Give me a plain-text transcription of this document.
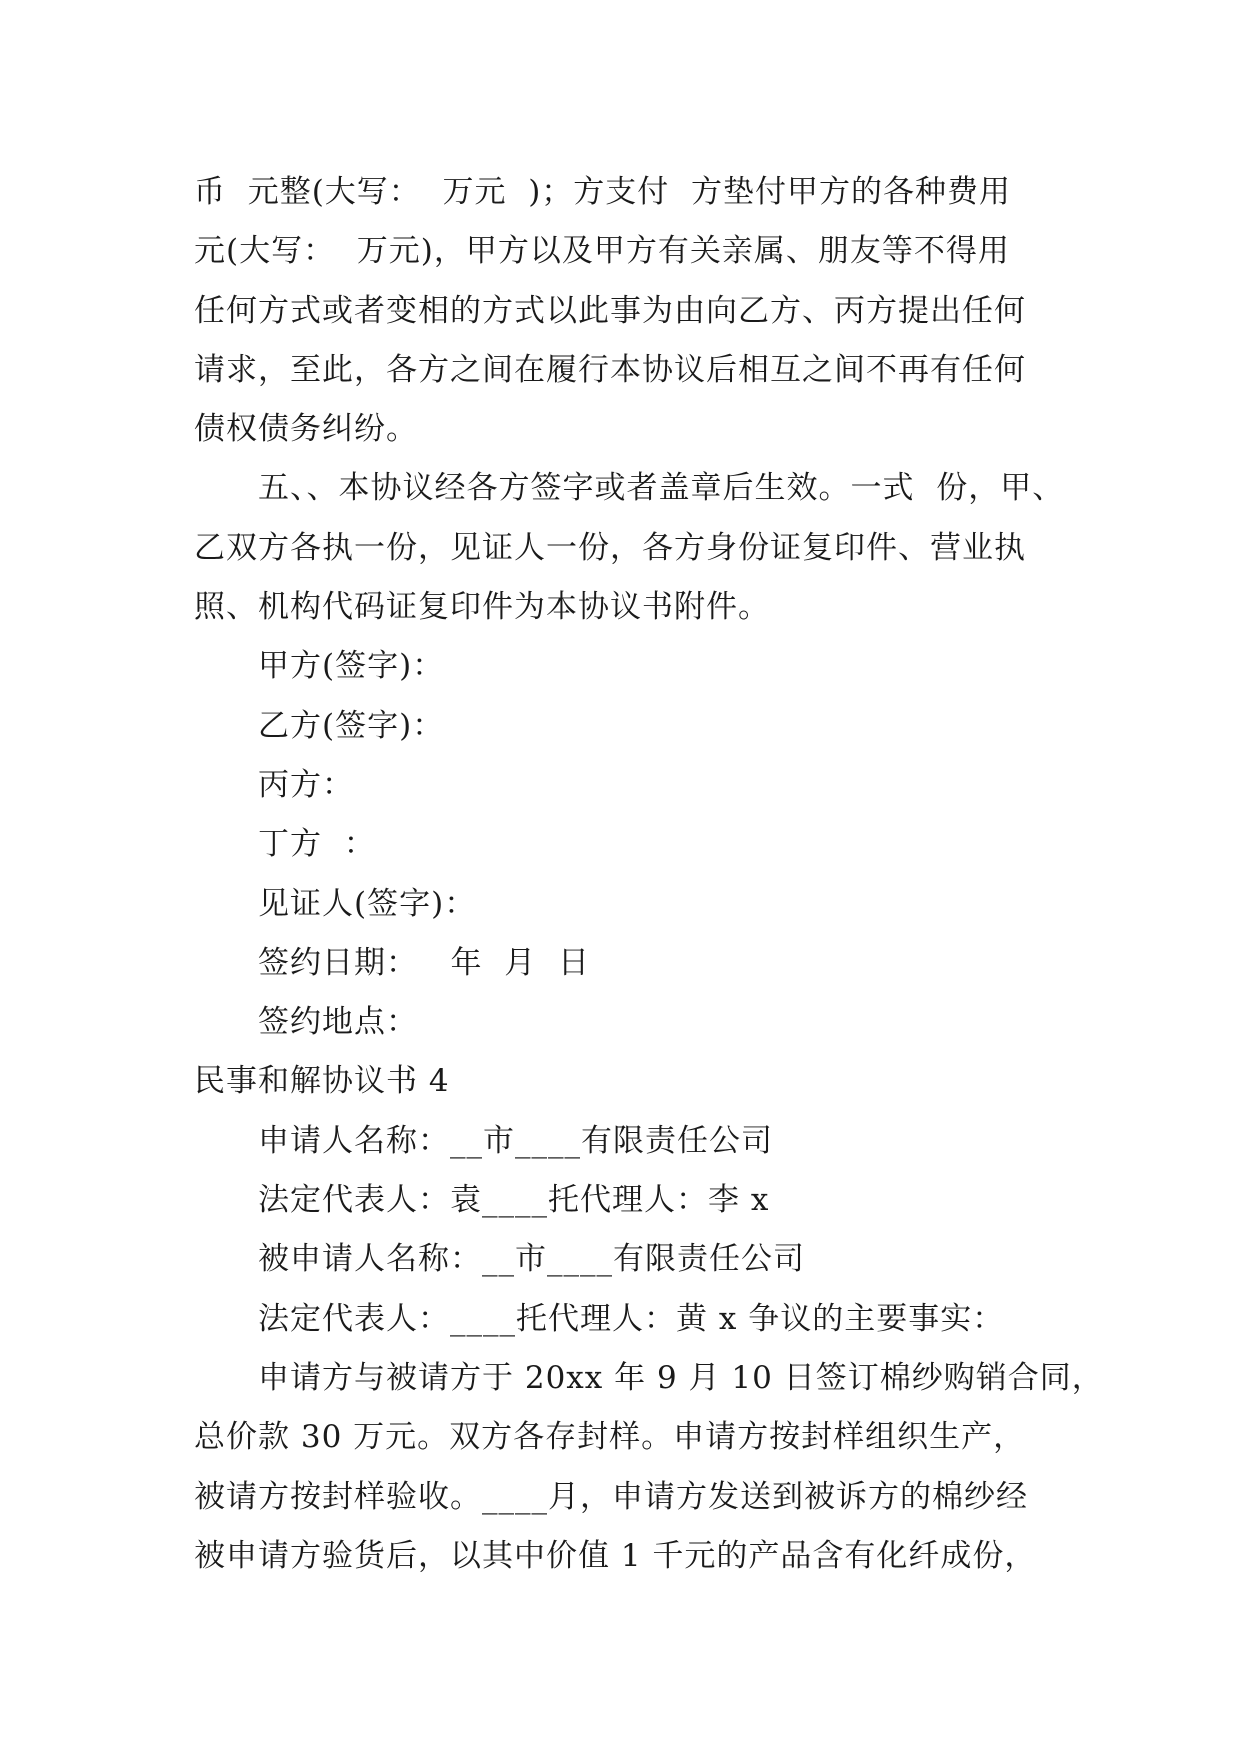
币  元整(大写：  万元  )；方支付  方垫付甲方的各种费用
元(大写：  万元)，甲方以及甲方有关亲属、朋友等不得用
任何方式或者变相的方式以此事为由向乙方、丙方提出任何
请求，至此，各方之间在履行本协议后相互之间不再有任何
债权债务纠纷。
五、、本协议经各方签字或者盖章后生效。一式  份，甲、
乙双方各执一份，见证人一份，各方身份证复印件、营业执
照、机构代码证复印件为本协议书附件。
甲方(签字)：
乙方(签字)：
丙方：
丁方  ：
见证人(签字)：
签约日期：   年  月  日
签约地点：
民事和解协议书 4
申请人名称：__市____有限责任公司
法定代表人：袁____托代理人：李 x
被申请人名称：__市____有限责任公司
法定代表人：____托代理人：黄 x 争议的主要事实：
申请方与被请方于 20xx 年 9 月 10 日签订棉纱购销合同，
总价款 30 万元。双方各存封样。申请方按封样组织生产，
被请方按封样验收。____月，申请方发送到被诉方的棉纱经
被申请方验货后，以其中价值 1 千元的产品含有化纤成份，
